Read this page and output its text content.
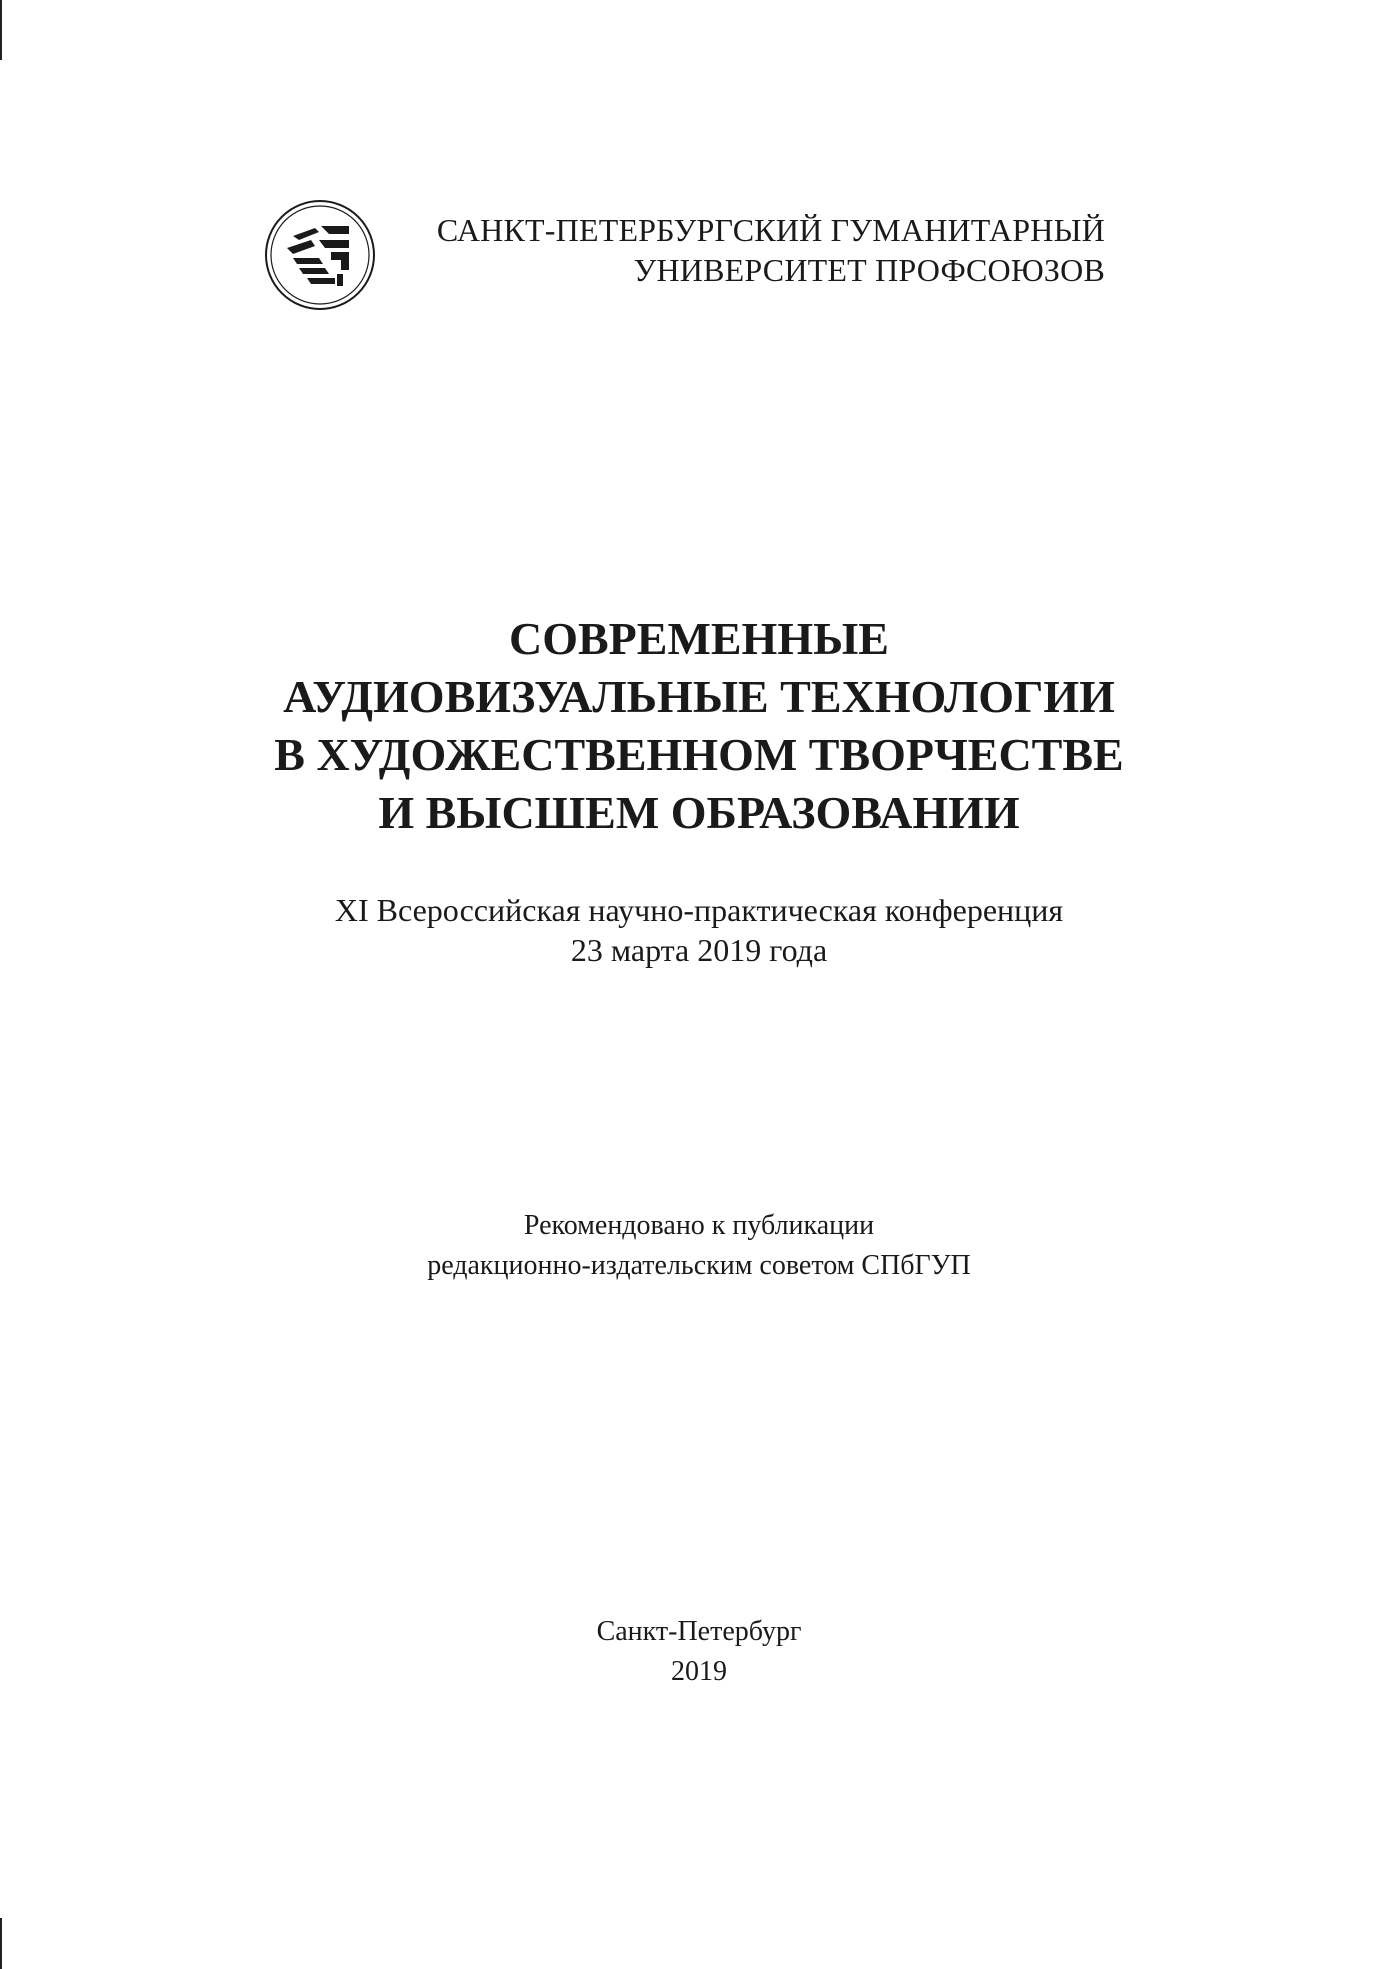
САНКТ-ПЕТЕРБУРГСКИЙ ГУМАНИТАРНЫЙ
УНИВЕРСИТЕТ ПРОФСОЮЗОВ
СОВРЕМЕННЫЕ
АУДИОВИЗУАЛЬНЫЕ ТЕХНОЛОГИИ
В ХУДОЖЕСТВЕННОМ ТВОРЧЕСТВЕ
И ВЫСШЕМ ОБРАЗОВАНИИ
XI Всероссийская научно-практическая конференция
23 марта 2019 года
Рекомендовано к публикации
редакционно-издательским советом СПбГУП
Санкт-Петербург
2019
